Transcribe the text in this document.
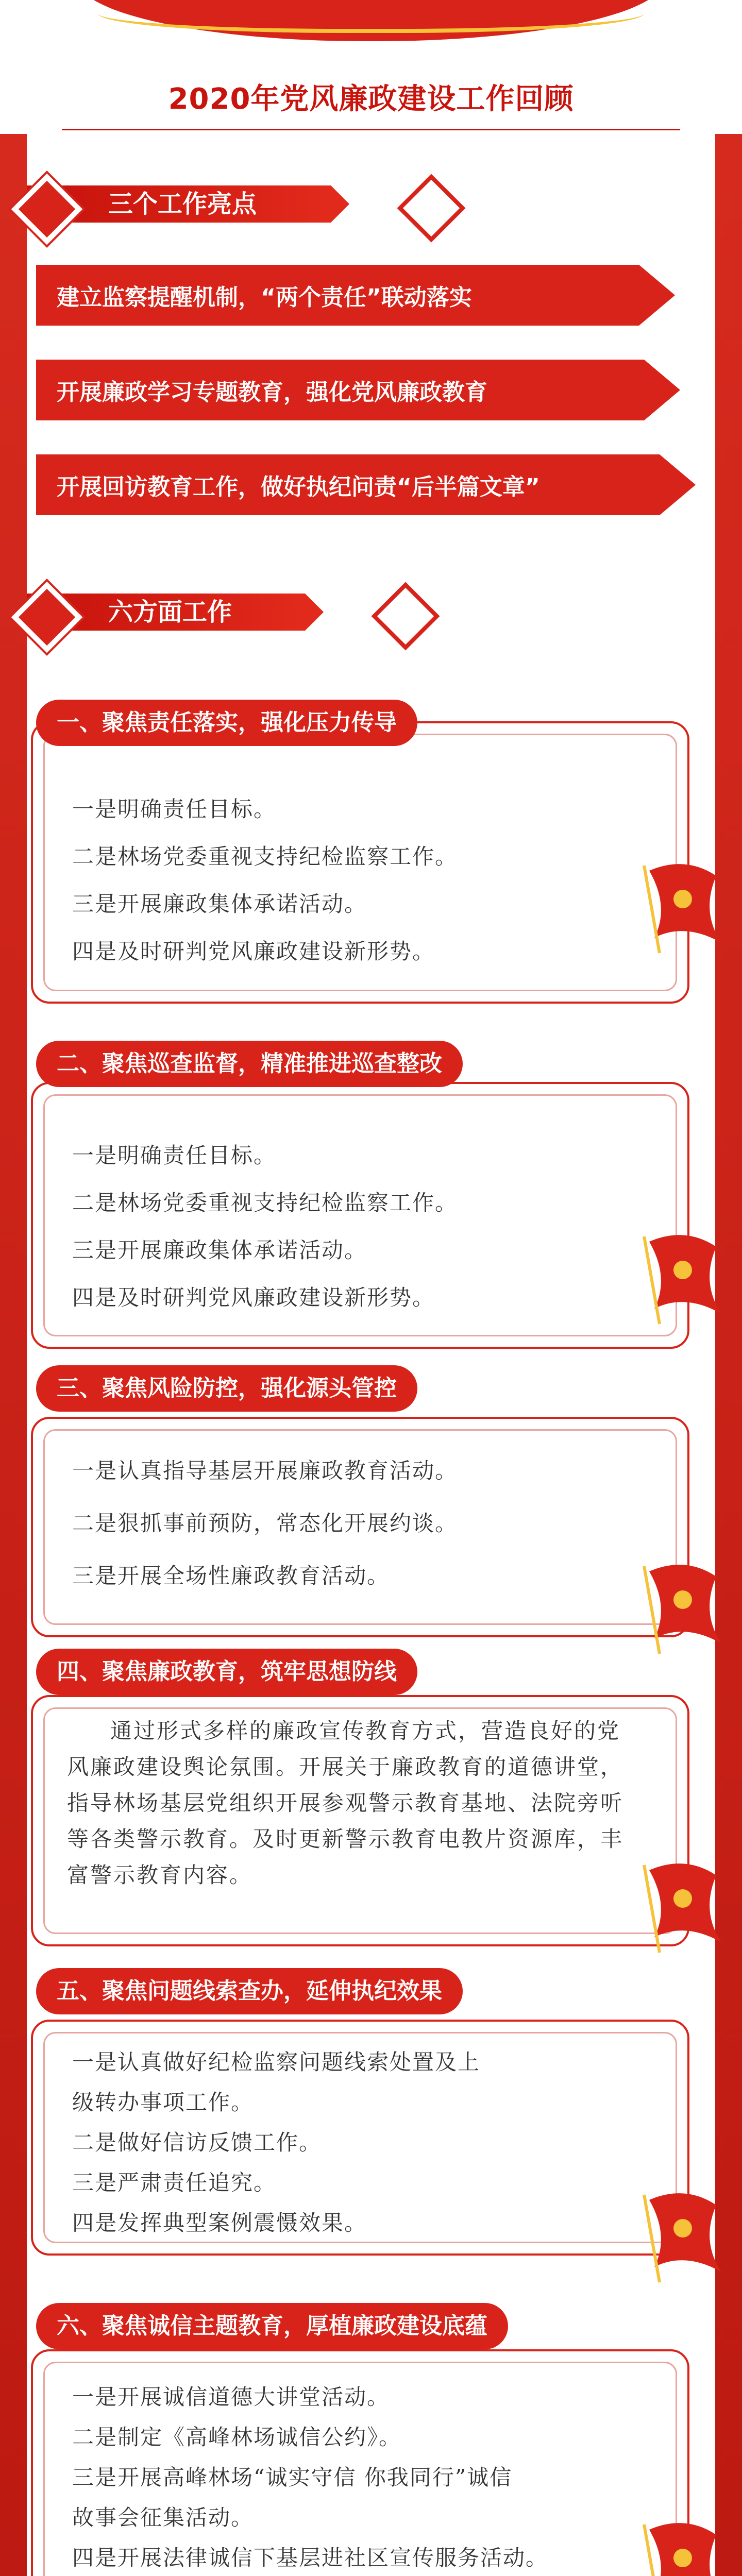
2020年党风廉政建设工作回顾
三个工作亮点
建立监察提醒机制，“两个责任”联动落实
开展廉政学习专题教育，强化党风廉政教育
开展回访教育工作，做好执纪问责“后半篇文章”
六方面工作
一、聚焦责任落实，强化压力传导
一是明确责任目标。
二是林场党委重视支持纪检监察工作。
三是开展廉政集体承诺活动。
四是及时研判党风廉政建设新形势。
二、聚焦巡查监督，精准推进巡查整改
一是明确责任目标。
二是林场党委重视支持纪检监察工作。
三是开展廉政集体承诺活动。
四是及时研判党风廉政建设新形势。
三、聚焦风险防控，强化源头管控
一是认真指导基层开展廉政教育活动。
二是狠抓事前预防，常态化开展约谈。
三是开展全场性廉政教育活动。
四、聚焦廉政教育，筑牢思想防线
通过形式多样的廉政宣传教育方式，营造良好的党风廉政建设舆论氛围。开展关于廉政教育的道德讲堂，指导林场基层党组织开展参观警示教育基地、法院旁听等各类警示教育。及时更新警示教育电教片资源库，丰富警示教育内容。
五、聚焦问题线索查办，延伸执纪效果
一是认真做好纪检监察问题线索处置及上
级转办事项工作。
二是做好信访反馈工作。
三是严肃责任追究。
四是发挥典型案例震慑效果。
六、聚焦诚信主题教育，厚植廉政建设底蕴
一是开展诚信道德大讲堂活动。
二是制定《高峰林场诚信公约》。
三是开展高峰林场“诚实守信 你我同行”诚信
故事会征集活动。
四是开展法律诚信下基层进社区宣传服务活动。
